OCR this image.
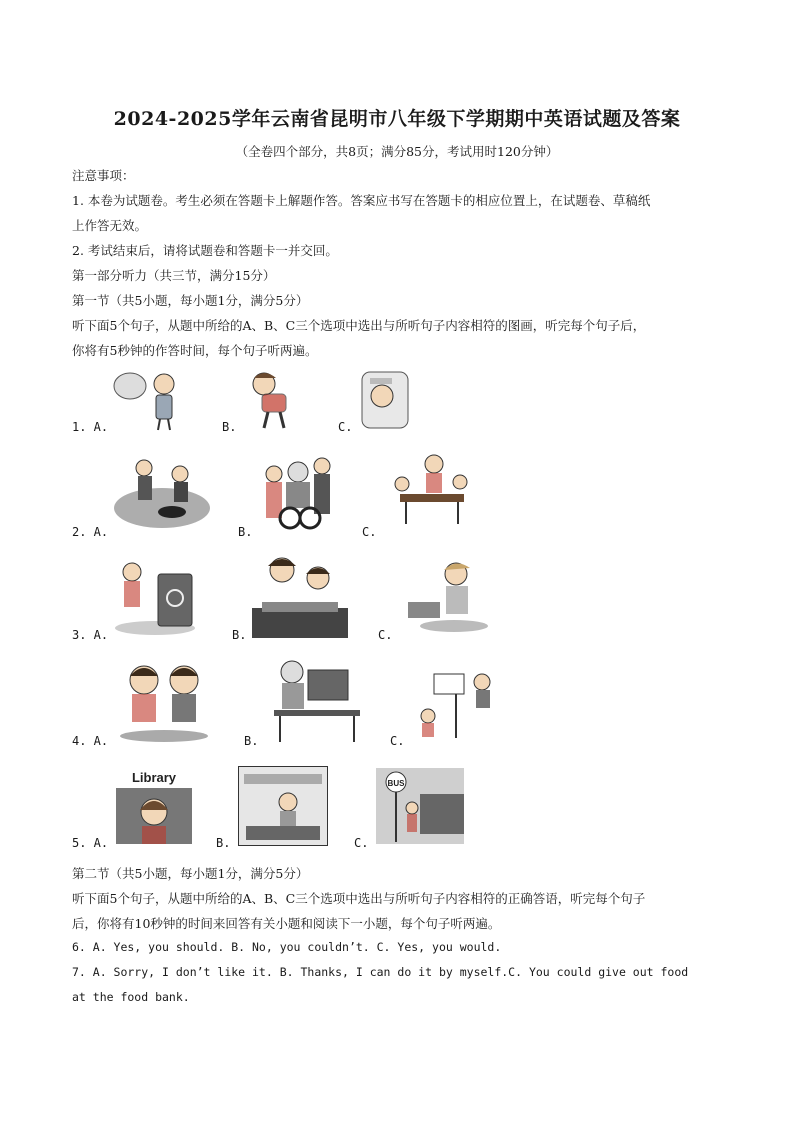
2024-2025学年云南省昆明市八年级下学期期中英语试题及答案
（全卷四个部分，共8页；满分85分，考试用时120分钟）
注意事项：
1. 本卷为试题卷。考生必须在答题卡上解题作答。答案应书写在答题卡的相应位置上，在试题卷、草稿纸
上作答无效。
2. 考试结束后，请将试题卷和答题卡一并交回。
第一部分听力（共三节，满分15分）
第一节（共5小题，每小题1分，满分5分）
听下面5个句子，从题中所给的A、B、C三个选项中选出与所听句子内容相符的图画，听完每个句子后，
你将有5秒钟的作答时间，每个句子听两遍。
1. A.	B.	C.
2. A.	B.	C.
3. A.	B.	C.
4. A.	B.	C.
5. A.
Library
B.	C.
BUS
第二节（共5小题，每小题1分，满分5分）
听下面5个句子，从题中所给的A、B、C三个选项中选出与所听句子内容相符的正确答语，听完每个句子
后，你将有10秒钟的时间来回答有关小题和阅读下一小题，每个句子听两遍。
6. A. Yes, you should. B. No, you couldn’t. C. Yes, you would.
7. A. Sorry, I don’t like it. B. Thanks, I can do it by myself.C. You could give out food
at the food bank.
